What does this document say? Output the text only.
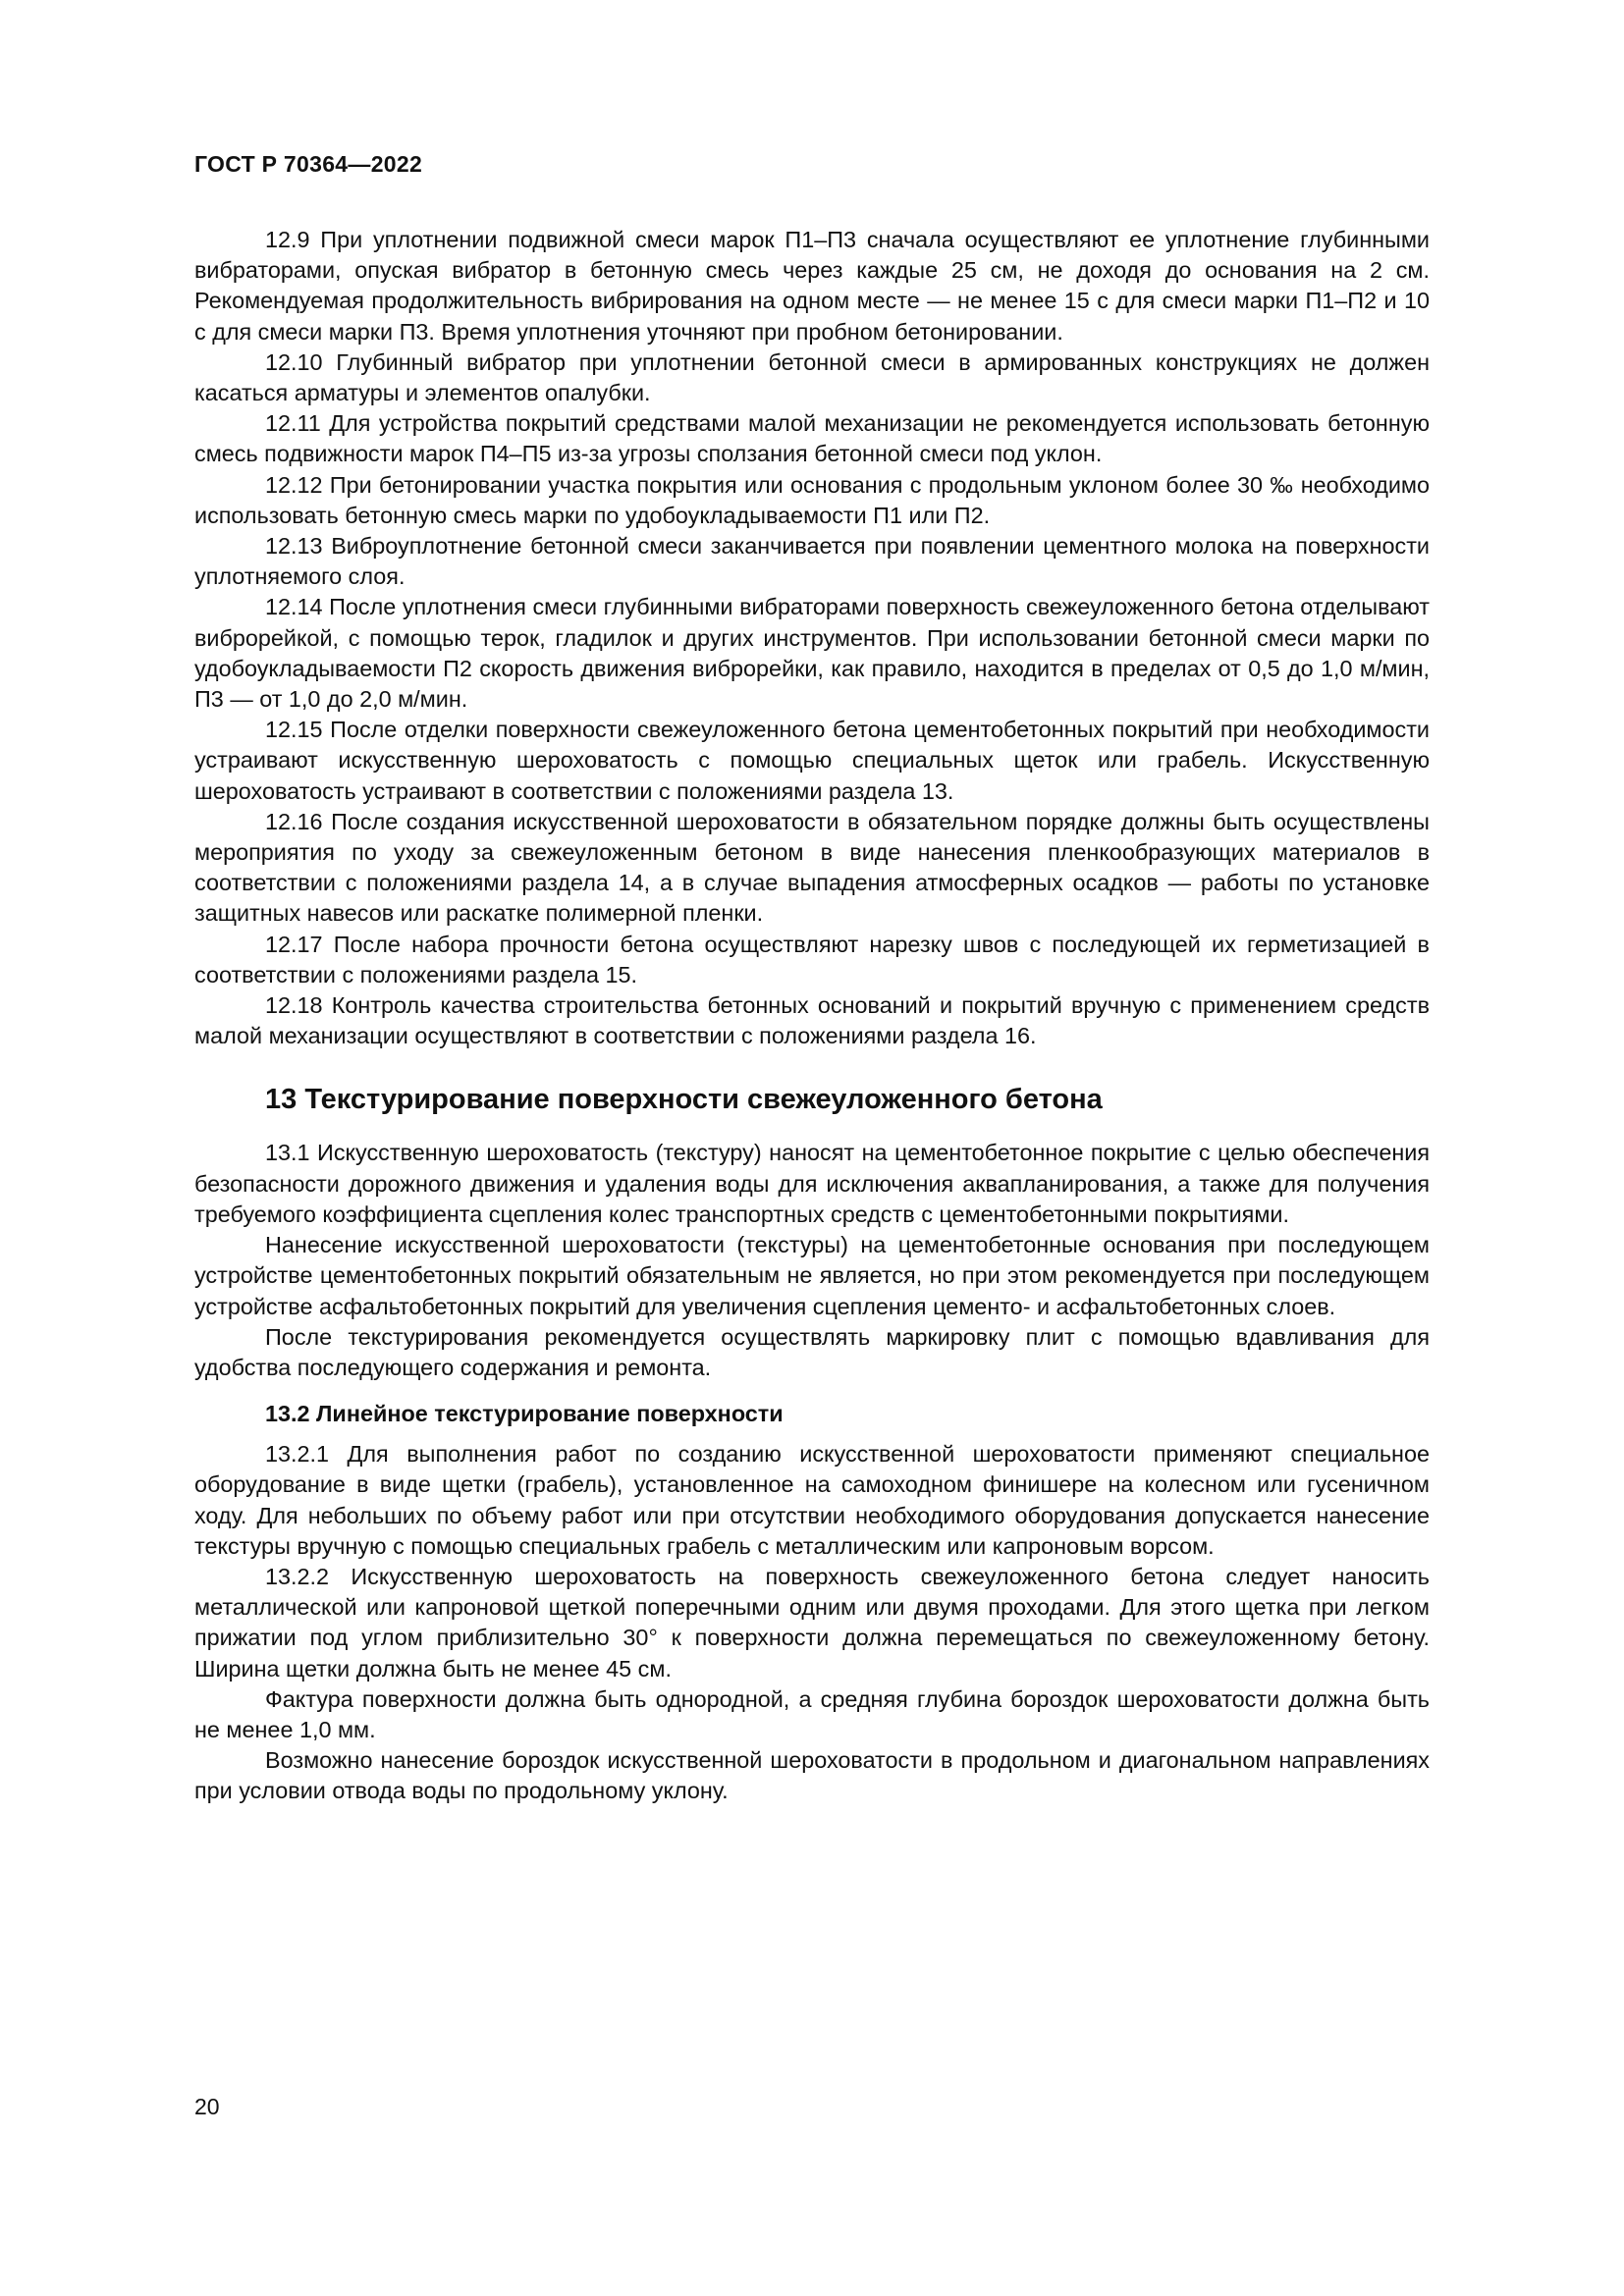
ГОСТ Р 70364—2022

12.9 При уплотнении подвижной смеси марок П1–П3 сначала осуществляют ее уплотнение глубинными вибраторами, опуская вибратор в бетонную смесь через каждые 25 см, не доходя до основания на 2 см. Рекомендуемая продолжительность вибрирования на одном месте — не менее 15 с для смеси марки П1–П2 и 10 с для смеси марки П3. Время уплотнения уточняют при пробном бетонировании.

12.10 Глубинный вибратор при уплотнении бетонной смеси в армированных конструкциях не должен касаться арматуры и элементов опалубки.

12.11 Для устройства покрытий средствами малой механизации не рекомендуется использовать бетонную смесь подвижности марок П4–П5 из-за угрозы сползания бетонной смеси под уклон.

12.12 При бетонировании участка покрытия или основания с продольным уклоном более 30 ‰ необходимо использовать бетонную смесь марки по удобоукладываемости П1 или П2.

12.13 Виброуплотнение бетонной смеси заканчивается при появлении цементного молока на поверхности уплотняемого слоя.

12.14 После уплотнения смеси глубинными вибраторами поверхность свежеуложенного бетона отделывают виброрейкой, с помощью терок, гладилок и других инструментов. При использовании бетонной смеси марки по удобоукладываемости П2 скорость движения виброрейки, как правило, находится в пределах от 0,5 до 1,0 м/мин, П3 — от 1,0 до 2,0 м/мин.

12.15 После отделки поверхности свежеуложенного бетона цементобетонных покрытий при необходимости устраивают искусственную шероховатость с помощью специальных щеток или грабель. Искусственную шероховатость устраивают в соответствии с положениями раздела 13.

12.16 После создания искусственной шероховатости в обязательном порядке должны быть осуществлены мероприятия по уходу за свежеуложенным бетоном в виде нанесения пленкообразующих материалов в соответствии с положениями раздела 14, а в случае выпадения атмосферных осадков — работы по установке защитных навесов или раскатке полимерной пленки.

12.17 После набора прочности бетона осуществляют нарезку швов с последующей их герметизацией в соответствии с положениями раздела 15.

12.18 Контроль качества строительства бетонных оснований и покрытий вручную с применением средств малой механизации осуществляют в соответствии с положениями раздела 16.

13 Текстурирование поверхности свежеуложенного бетона

13.1 Искусственную шероховатость (текстуру) наносят на цементобетонное покрытие с целью обеспечения безопасности дорожного движения и удаления воды для исключения аквапланирования, а также для получения требуемого коэффициента сцепления колес транспортных средств с цементобетонными покрытиями.

Нанесение искусственной шероховатости (текстуры) на цементобетонные основания при последующем устройстве цементобетонных покрытий обязательным не является, но при этом рекомендуется при последующем устройстве асфальтобетонных покрытий для увеличения сцепления цементо- и асфальтобетонных слоев.

После текстурирования рекомендуется осуществлять маркировку плит с помощью вдавливания для удобства последующего содержания и ремонта.

13.2 Линейное текстурирование поверхности

13.2.1 Для выполнения работ по созданию искусственной шероховатости применяют специальное оборудование в виде щетки (грабель), установленное на самоходном финишере на колесном или гусеничном ходу. Для небольших по объему работ или при отсутствии необходимого оборудования допускается нанесение текстуры вручную с помощью специальных грабель с металлическим или капроновым ворсом.

13.2.2 Искусственную шероховатость на поверхность свежеуложенного бетона следует наносить металлической или капроновой щеткой поперечными одним или двумя проходами. Для этого щетка при легком прижатии под углом приблизительно 30° к поверхности должна перемещаться по свежеуложенному бетону. Ширина щетки должна быть не менее 45 см.

Фактура поверхности должна быть однородной, а средняя глубина бороздок шероховатости должна быть не менее 1,0 мм.

Возможно нанесение бороздок искусственной шероховатости в продольном и диагональном направлениях при условии отвода воды по продольному уклону.

20
